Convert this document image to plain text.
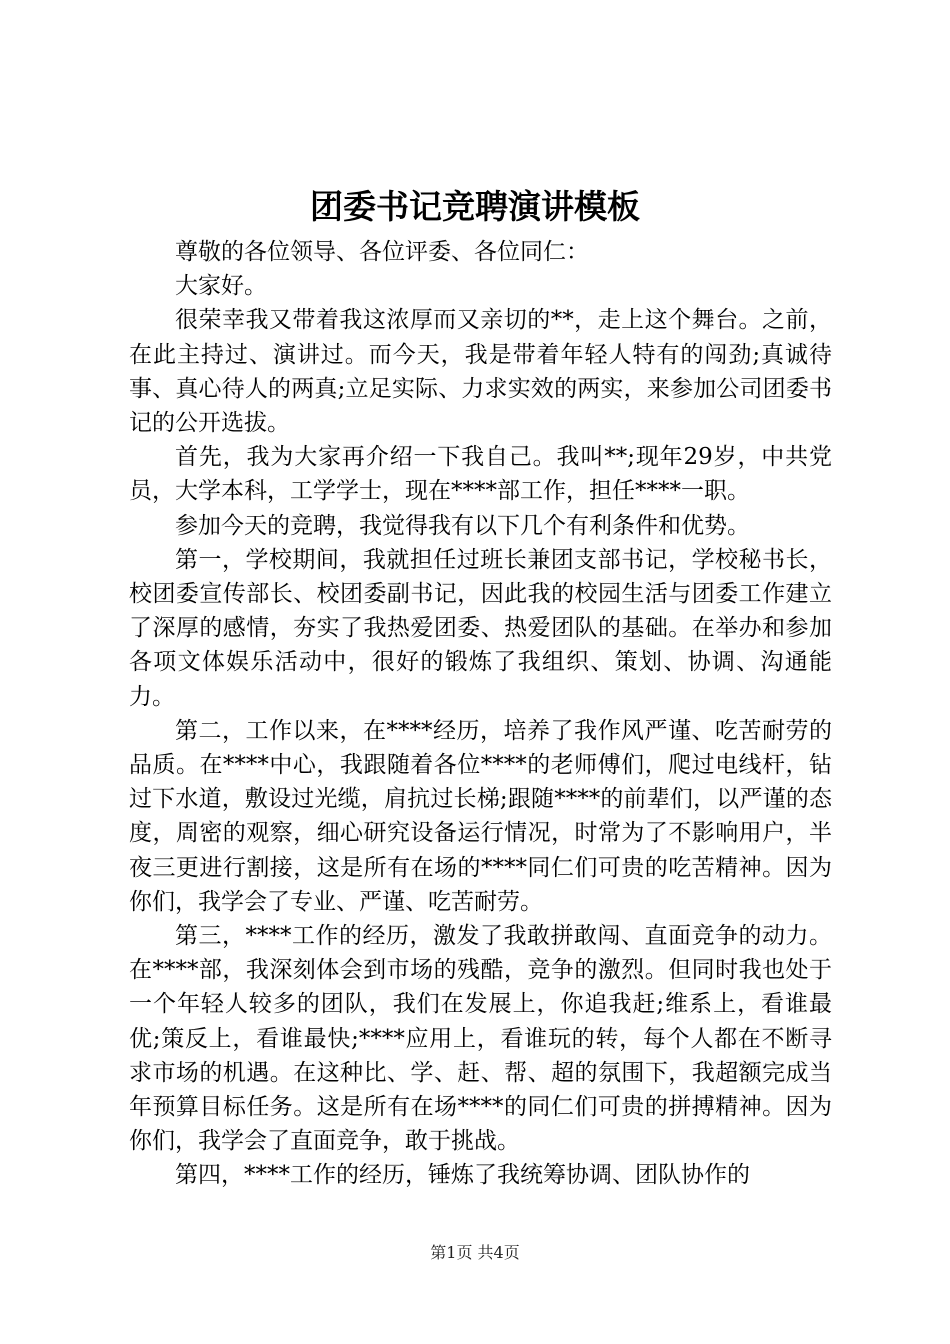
团委书记竞聘演讲模板

尊敬的各位领导、各位评委、各位同仁：

大家好。

很荣幸我又带着我这浓厚而又亲切的**，走上这个舞台。之前，在此主持过、演讲过。而今天，我是带着年轻人特有的闯劲;真诚待事、真心待人的两真;立足实际、力求实效的两实，来参加公司团委书记的公开选拔。

首先，我为大家再介绍一下我自己。我叫**;现年29岁，中共党员，大学本科，工学学士，现在****部工作，担任****一职。

参加今天的竞聘，我觉得我有以下几个有利条件和优势。

第一，学校期间，我就担任过班长兼团支部书记，学校秘书长，校团委宣传部长、校团委副书记，因此我的校园生活与团委工作建立了深厚的感情，夯实了我热爱团委、热爱团队的基础。在举办和参加各项文体娱乐活动中，很好的锻炼了我组织、策划、协调、沟通能力。

第二，工作以来，在****经历，培养了我作风严谨、吃苦耐劳的品质。在****中心，我跟随着各位****的老师傅们，爬过电线杆，钻过下水道，敷设过光缆，肩抗过长梯;跟随****的前辈们，以严谨的态度，周密的观察，细心研究设备运行情况，时常为了不影响用户，半夜三更进行割接，这是所有在场的****同仁们可贵的吃苦精神。因为你们，我学会了专业、严谨、吃苦耐劳。

第三，****工作的经历，激发了我敢拼敢闯、直面竞争的动力。在****部，我深刻体会到市场的残酷，竞争的激烈。但同时我也处于一个年轻人较多的团队，我们在发展上，你追我赶;维系上，看谁最优;策反上，看谁最快;****应用上，看谁玩的转，每个人都在不断寻求市场的机遇。在这种比、学、赶、帮、超的氛围下，我超额完成当年预算目标任务。这是所有在场****的同仁们可贵的拼搏精神。因为你们，我学会了直面竞争，敢于挑战。

第四，****工作的经历，锤炼了我统筹协调、团队协作的

第1页 共4页
